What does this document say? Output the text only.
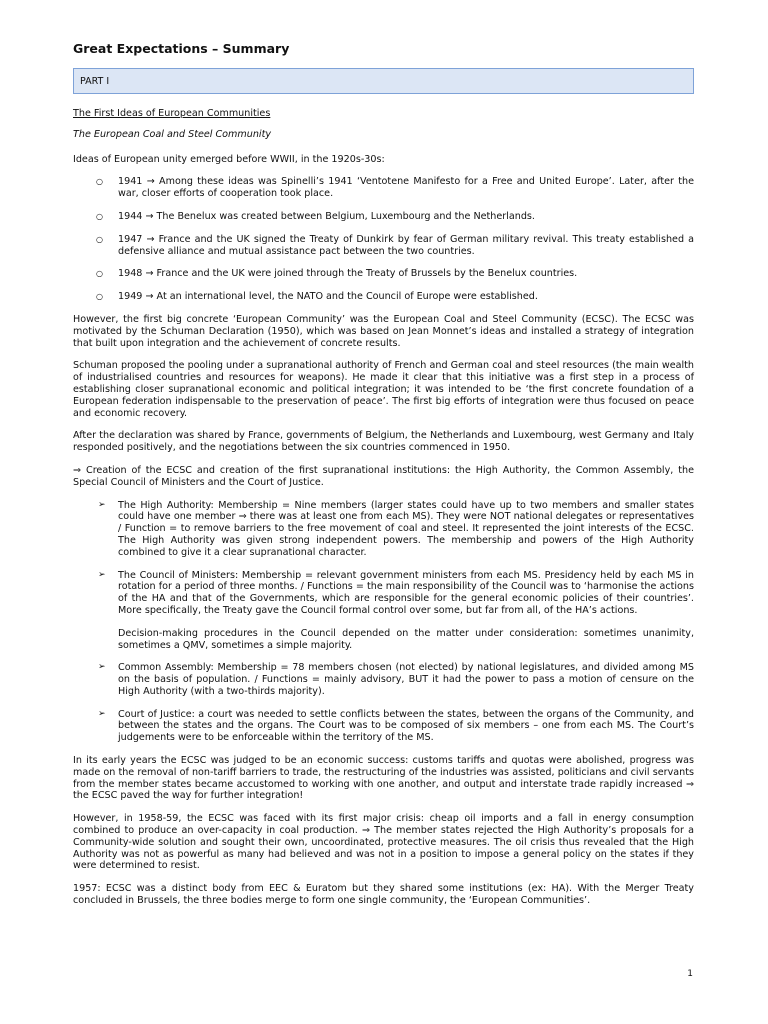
Great Expectations – Summary
PART I

The First Ideas of European Communities

The European Coal and Steel Community

Ideas of European unity emerged before WWII, in the 1920s-30s:

○ 1941 → Among these ideas was Spinelli’s 1941 ‘Ventotene Manifesto for a Free and United Europe’. Later, after the war, closer efforts of cooperation took place.
○ 1944 → The Benelux was created between Belgium, Luxembourg and the Netherlands.
○ 1947 → France and the UK signed the Treaty of Dunkirk by fear of German military revival. This treaty established a defensive alliance and mutual assistance pact between the two countries.
○ 1948 → France and the UK were joined through the Treaty of Brussels by the Benelux countries.
○ 1949 → At an international level, the NATO and the Council of Europe were established.

However, the first big concrete ‘European Community’ was the European Coal and Steel Community (ECSC). The ECSC was motivated by the Schuman Declaration (1950), which was based on Jean Monnet’s ideas and installed a strategy of integration that built upon integration and the achievement of concrete results.

Schuman proposed the pooling under a supranational authority of French and German coal and steel resources (the main wealth of industrialised countries and resources for weapons). He made it clear that this initiative was a first step in a process of establishing closer supranational economic and political integration; it was intended to be ‘the first concrete foundation of a European federation indispensable to the preservation of peace’. The first big efforts of integration were thus focused on peace and economic recovery.

After the declaration was shared by France, governments of Belgium, the Netherlands and Luxembourg, west Germany and Italy responded positively, and the negotiations between the six countries commenced in 1950.

⇒ Creation of the ECSC and creation of the first supranational institutions: the High Authority, the Common Assembly, the Special Council of Ministers and the Court of Justice.

➢ The High Authority: Membership = Nine members (larger states could have up to two members and smaller states could have one member ⇒ there was at least one from each MS). They were NOT national delegates or representatives / Function = to remove barriers to the free movement of coal and steel. It represented the joint interests of the ECSC. The High Authority was given strong independent powers. The membership and powers of the High Authority combined to give it a clear supranational character.
➢ The Council of Ministers: Membership = relevant government ministers from each MS. Presidency held by each MS in rotation for a period of three months. / Functions = the main responsibility of the Council was to ‘harmonise the actions of the HA and that of the Governments, which are responsible for the general economic policies of their countries’. More specifically, the Treaty gave the Council formal control over some, but far from all, of the HA’s actions.
Decision-making procedures in the Council depended on the matter under consideration: sometimes unanimity, sometimes a QMV, sometimes a simple majority.
➢ Common Assembly: Membership = 78 members chosen (not elected) by national legislatures, and divided among MS on the basis of population. / Functions = mainly advisory, BUT it had the power to pass a motion of censure on the High Authority (with a two-thirds majority).
➢ Court of Justice: a court was needed to settle conflicts between the states, between the organs of the Community, and between the states and the organs. The Court was to be composed of six members – one from each MS. The Court’s judgements were to be enforceable within the territory of the MS.

In its early years the ECSC was judged to be an economic success: customs tariffs and quotas were abolished, progress was made on the removal of non-tariff barriers to trade, the restructuring of the industries was assisted, politicians and civil servants from the member states became accustomed to working with one another, and output and interstate trade rapidly increased ⇒ the ECSC paved the way for further integration!

However, in 1958-59, the ECSC was faced with its first major crisis: cheap oil imports and a fall in energy consumption combined to produce an over-capacity in coal production. ⇒ The member states rejected the High Authority’s proposals for a Community-wide solution and sought their own, uncoordinated, protective measures. The oil crisis thus revealed that the High Authority was not as powerful as many had believed and was not in a position to impose a general policy on the states if they were determined to resist.

1957: ECSC was a distinct body from EEC & Euratom but they shared some institutions (ex: HA). With the Merger Treaty concluded in Brussels, the three bodies merge to form one single community, the ‘European Communities’.

1
